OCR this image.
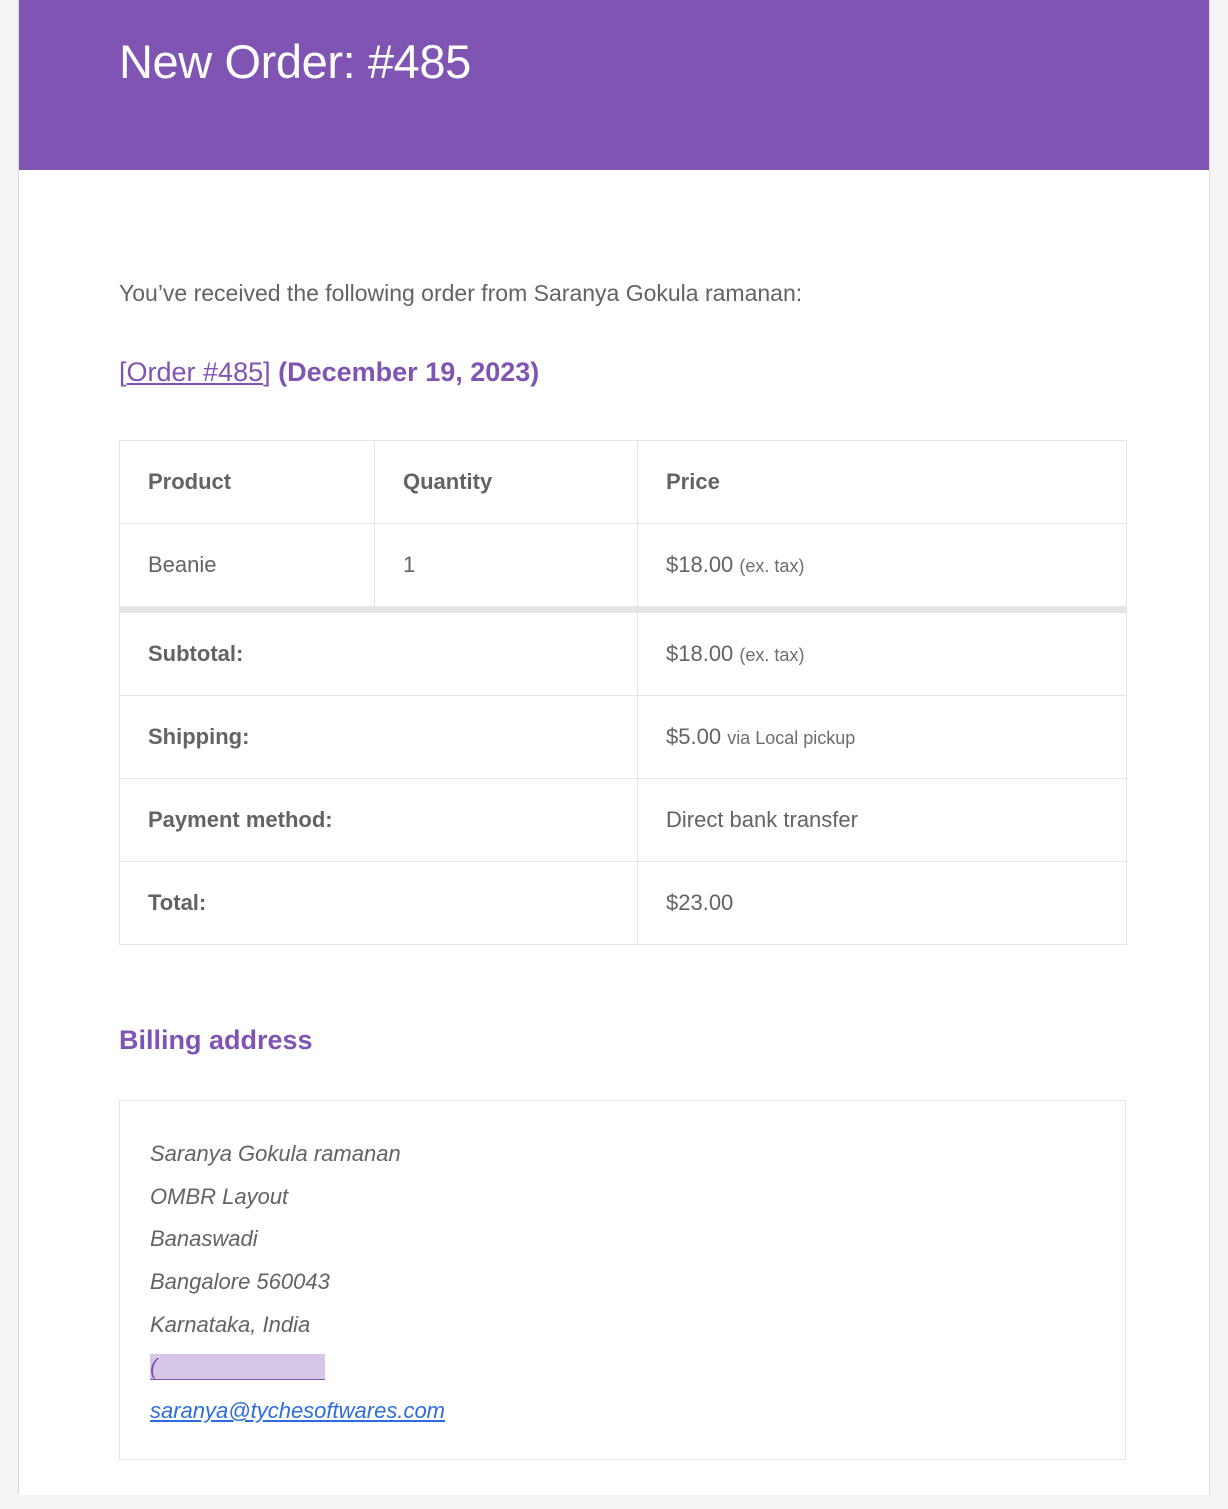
New Order: #485

You’ve received the following order from Saranya Gokula ramanan:

[Order #485] (December 19, 2023)

Product	Quantity	Price
Beanie	1	$18.00 (ex. tax)
Subtotal:		$18.00 (ex. tax)
Shipping:		$5.00 via Local pickup
Payment method:		Direct bank transfer
Total:		$23.00
Billing address
Saranya Gokula ramanan
OMBR Layout
Banaswadi
Bangalore 560043
Karnataka, India
(
saranya@tychesoftwares.com
